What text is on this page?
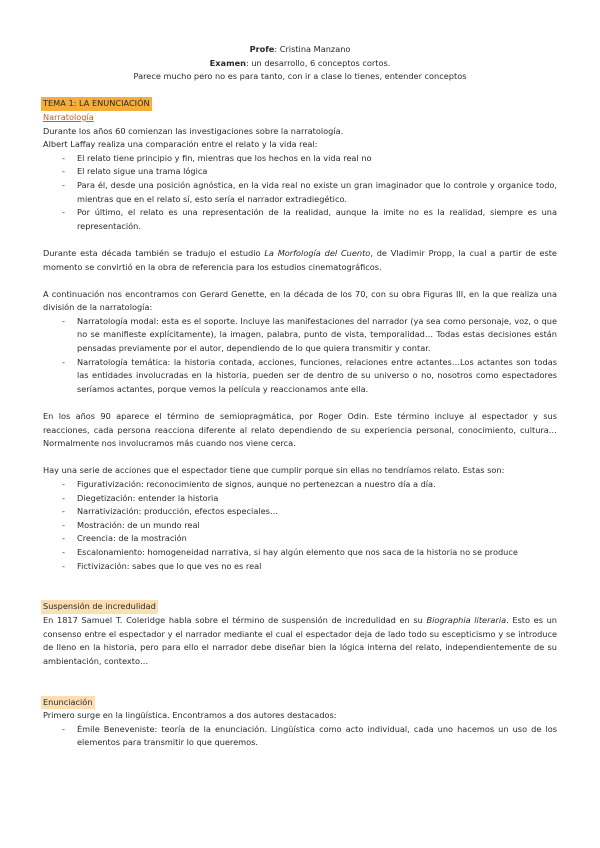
Profe: Cristina Manzano

Examen: un desarrollo, 6 conceptos cortos.

Parece mucho pero no es para tanto, con ir a clase lo tienes, entender conceptos

TEMA 1: LA ENUNCIACIÓN
Narratología

Durante los años 60 comienzan las investigaciones sobre la narratología.

Albert Laffay realiza una comparación entre el relato y la vida real:

- El relato tiene principio y fin, mientras que los hechos en la vida real no
- El relato sigue una trama lógica
- Para él, desde una posición agnóstica, en la vida real no existe un gran imaginador que lo controle y organice todo, mientras que en el relato sí, esto sería el narrador extradiegético.
- Por último, el relato es una representación de la realidad, aunque la imite no es la realidad, siempre es una representación.

Durante esta década también se tradujo el estudio La Morfología del Cuento, de Vladimir Propp, la cual a partir de este momento se convirtió en la obra de referencia para los estudios cinematográficos.

A continuación nos encontramos con Gerard Genette, en la década de los 70, con su obra Figuras III, en la que realiza una división de la narratología:

- Narratología modal: esta es el soporte. Incluye las manifestaciones del narrador (ya sea como personaje, voz, o que no se manifieste explícitamente), la imagen, palabra, punto de vista, temporalidad… Todas estas decisiones están pensadas previamente por el autor, dependiendo de lo que quiera transmitir y contar.
- Narratología temática: la historia contada, acciones, funciones, relaciones entre actantes…Los actantes son todas las entidades involucradas en la historia, pueden ser de dentro de su universo o no, nosotros como espectadores seríamos actantes, porque vemos la película y reaccionamos ante ella.

En los años 90 aparece el término de semiopragmática, por Roger Odin. Este término incluye al espectador y sus reacciones, cada persona reacciona diferente al relato dependiendo de su experiencia personal, conocimiento, cultura…Normalmente nos involucramos más cuando nos viene cerca.

Hay una serie de acciones que el espectador tiene que cumplir porque sin ellas no tendríamos relato. Estas son:

- Figurativización: reconocimiento de signos, aunque no pertenezcan a nuestro día a día.
- Diegetización: entender la historia
- Narrativización: producción, efectos especiales…
- Mostración: de un mundo real
- Creencia: de la mostración
- Escalonamiento: homogeneidad narrativa, si hay algún elemento que nos saca de la historia no se produce
- Fictivización: sabes que lo que ves no es real
Suspensión de incredulidad

En 1817 Samuel T. Coleridge habla sobre el término de suspensión de incredulidad en su Biographia literaria. Esto es un consenso entre el espectador y el narrador mediante el cual el espectador deja de lado todo su escepticismo y se introduce de lleno en la historia, pero para ello el narrador debe diseñar bien la lógica interna del relato, independientemente de su ambientación, contexto…

Enunciación

Primero surge en la lingüística. Encontramos a dos autores destacados:

- Émile Beneveniste: teoría de la enunciación. Lingüística como acto individual, cada uno hacemos un uso de los elementos para transmitir lo que queremos.
